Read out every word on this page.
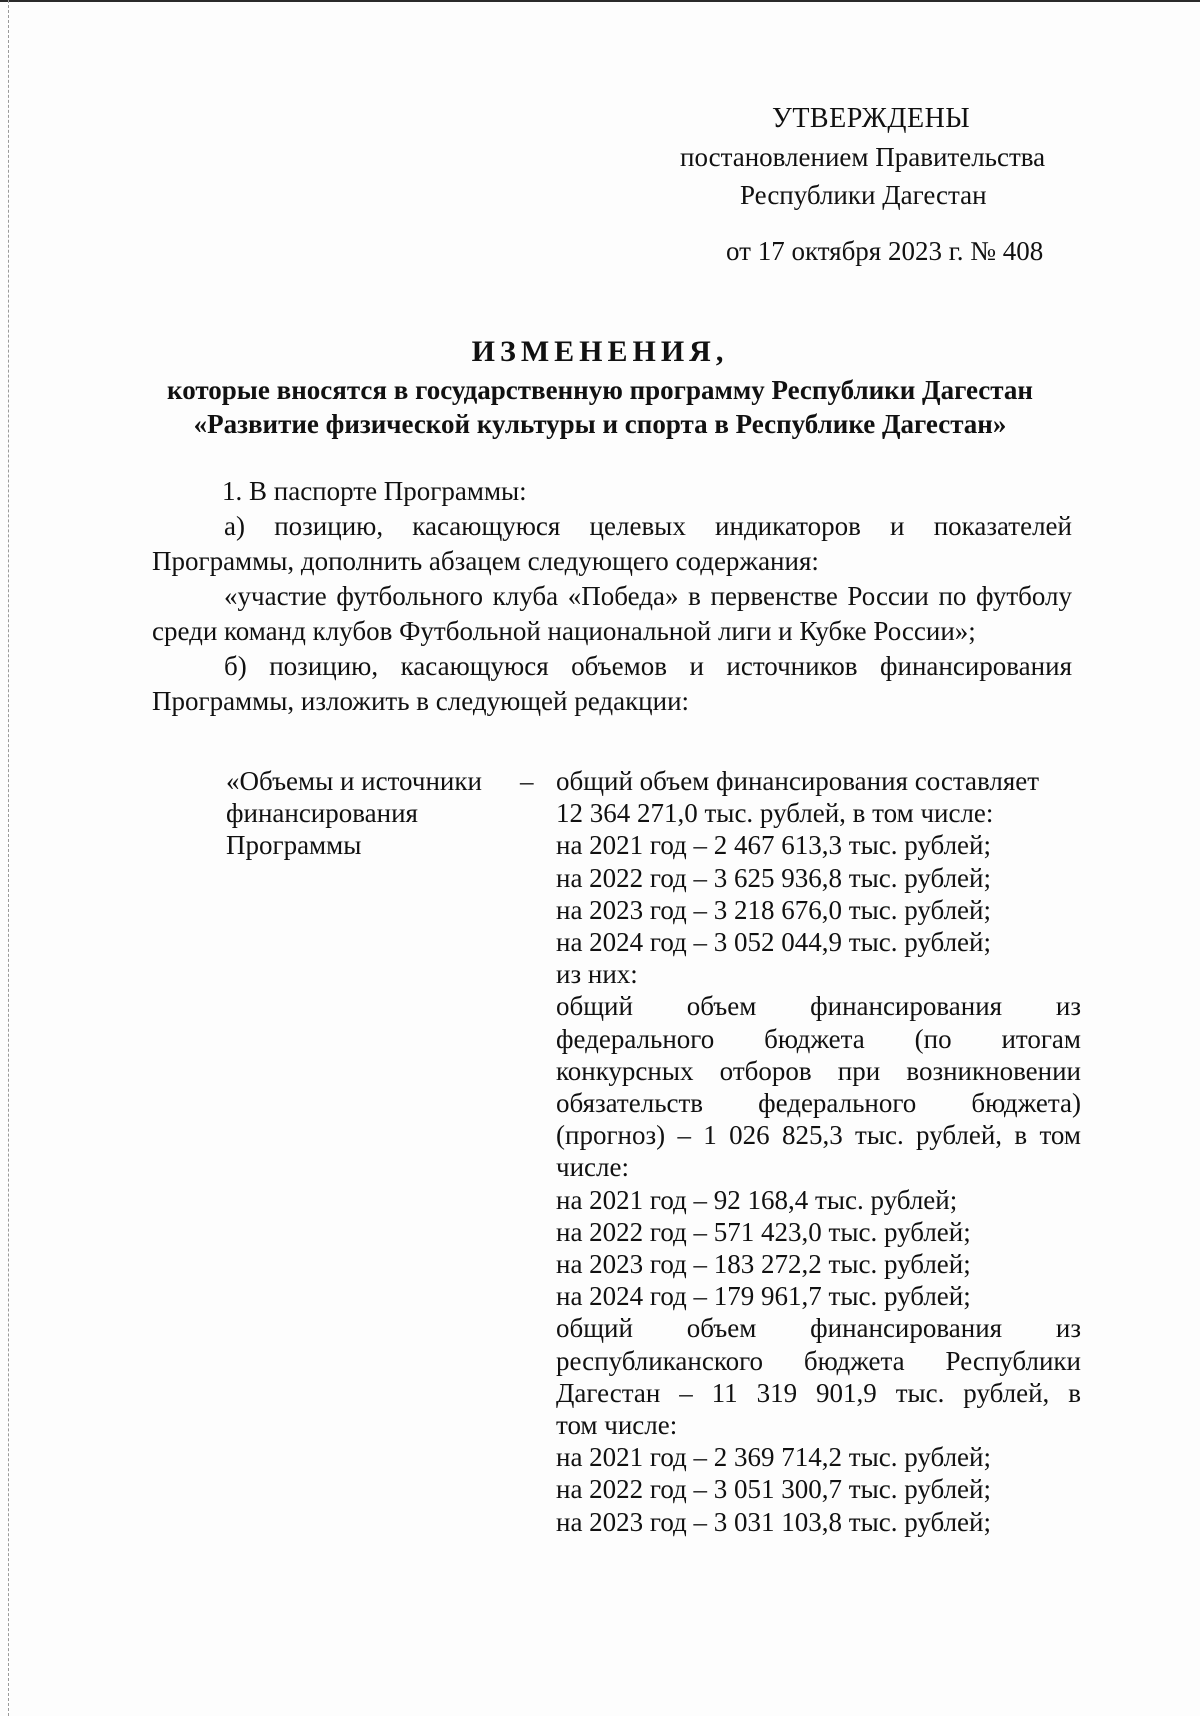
УТВЕРЖДЕНЫ
постановлением Правительства
Республики Дагестан
от 17 октября 2023 г. № 408
ИЗМЕНЕНИЯ,
которые вносятся в государственную программу Республики Дагестан
«Развитие физической культуры и спорта в Республике Дагестан»

1. В паспорте Программы:

а) позицию, касающуюся целевых индикаторов и показателей Программы, дополнить абзацем следующего содержания:

«участие футбольного клуба «Победа» в первенстве России по футболу среди команд клубов Футбольной национальной лиги и Кубке России»;

б) позицию, касающуюся объемов и источников финансирования Программы, изложить в следующей редакции:

«Объемы и источники
финансирования
Программы
– общий объем финансирования составляет
12 364 271,0 тыс. рублей, в том числе:
на 2021 год – 2 467 613,3 тыс. рублей;
на 2022 год – 3 625 936,8 тыс. рублей;
на 2023 год – 3 218 676,0 тыс. рублей;
на 2024 год – 3 052 044,9 тыс. рублей;
из них:
общий объем финансирования из
федерального бюджета (по итогам
конкурсных отборов при возникновении
обязательств федерального бюджета)
(прогноз) – 1 026 825,3 тыс. рублей, в том
числе:
на 2021 год – 92 168,4 тыс. рублей;
на 2022 год – 571 423,0 тыс. рублей;
на 2023 год – 183 272,2 тыс. рублей;
на 2024 год – 179 961,7 тыс. рублей;
общий объем финансирования из
республиканского бюджета Республики
Дагестан – 11 319 901,9 тыс. рублей, в
том числе:
на 2021 год – 2 369 714,2 тыс. рублей;
на 2022 год – 3 051 300,7 тыс. рублей;
на 2023 год – 3 031 103,8 тыс. рублей;
